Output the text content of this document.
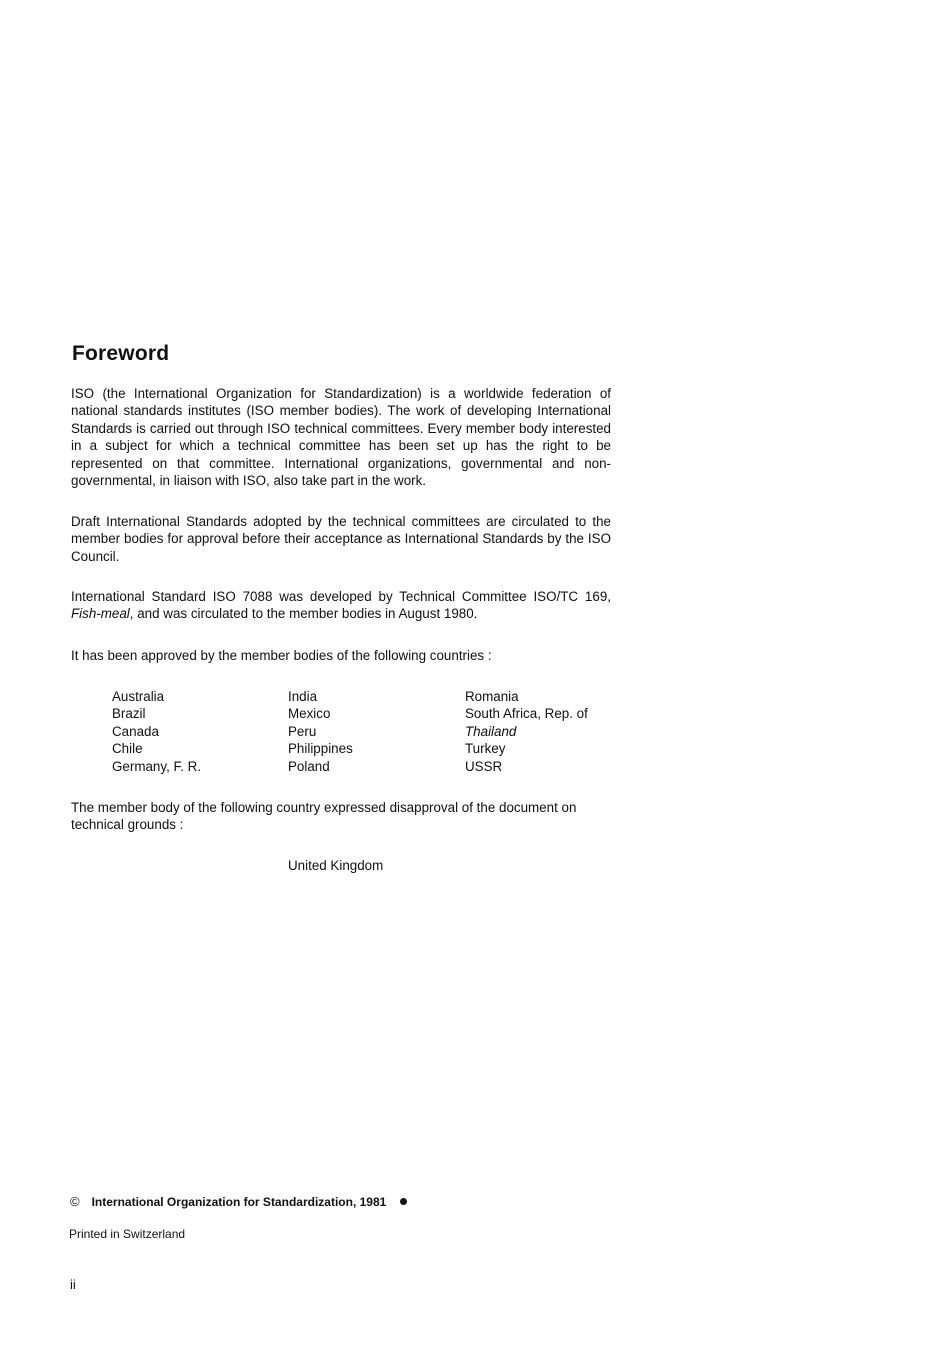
Foreword

ISO (the International Organization for Standardization) is a worldwide federation of national standards institutes (ISO member bodies). The work of developing International Standards is carried out through ISO technical committees. Every member body interested in a subject for which a technical committee has been set up has the right to be represented on that committee. International organizations, governmental and non-governmental, in liaison with ISO, also take part in the work.

Draft International Standards adopted by the technical committees are circulated to the member bodies for approval before their acceptance as International Standards by the ISO Council.

International Standard ISO 7088 was developed by Technical Committee ISO/TC 169, Fish-meal, and was circulated to the member bodies in August 1980.

It has been approved by the member bodies of the following countries :

Australia
Brazil
Canada
Chile
Germany, F. R.
India
Mexico
Peru
Philippines
Poland
Romania
South Africa, Rep. of
Thailand
Turkey
USSR

The member body of the following country expressed disapproval of the document on technical grounds :

United Kingdom
© International Organization for Standardization, 1981
Printed in Switzerland
ii
